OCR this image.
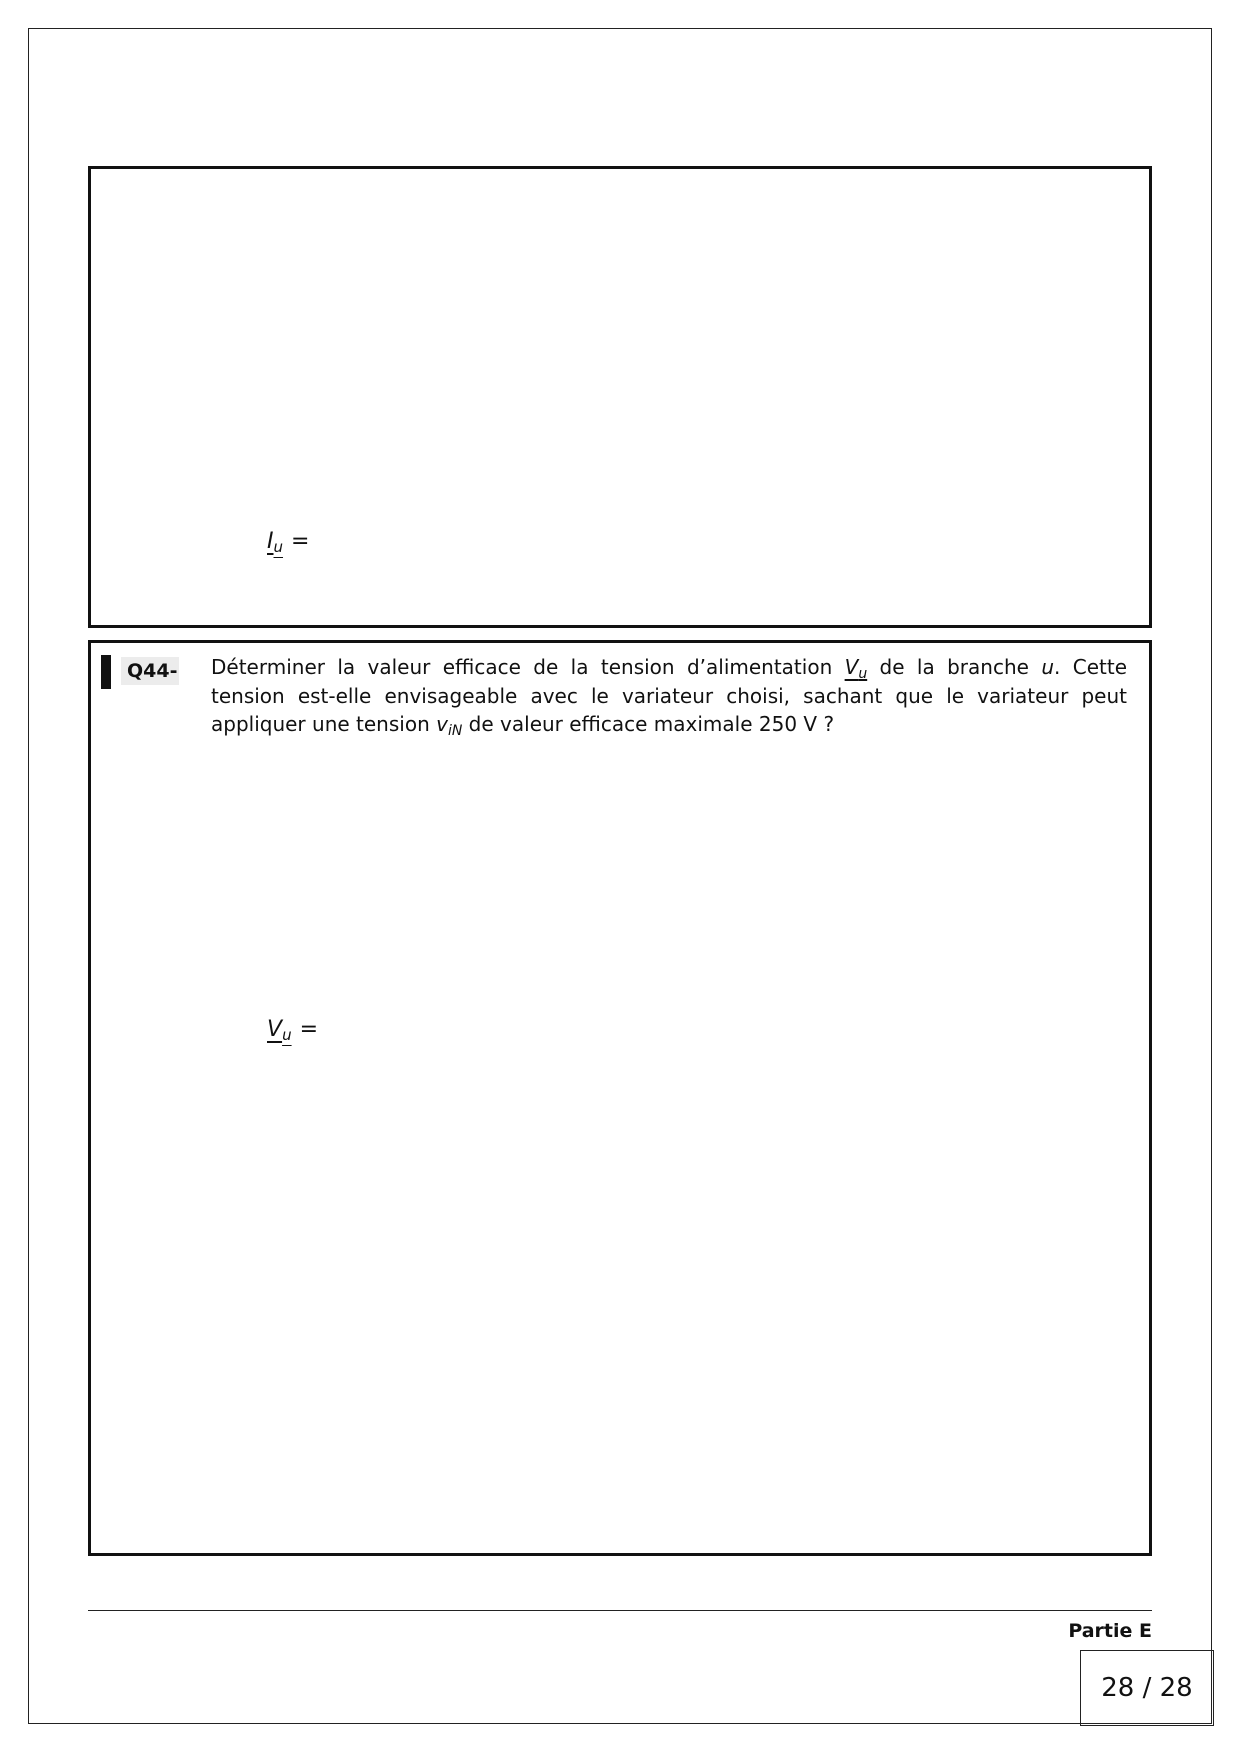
$I_u$ =
Q44- Déterminer la valeur efficace de la tension d’alimentation $V_u$ de la branche u. Cette tension est-elle envisageable avec le variateur choisi, sachant que le variateur peut appliquer une tension $v_{iN}$ de valeur efficace maximale 250 V ?
$V_u$ =
Partie E
28 / 28
